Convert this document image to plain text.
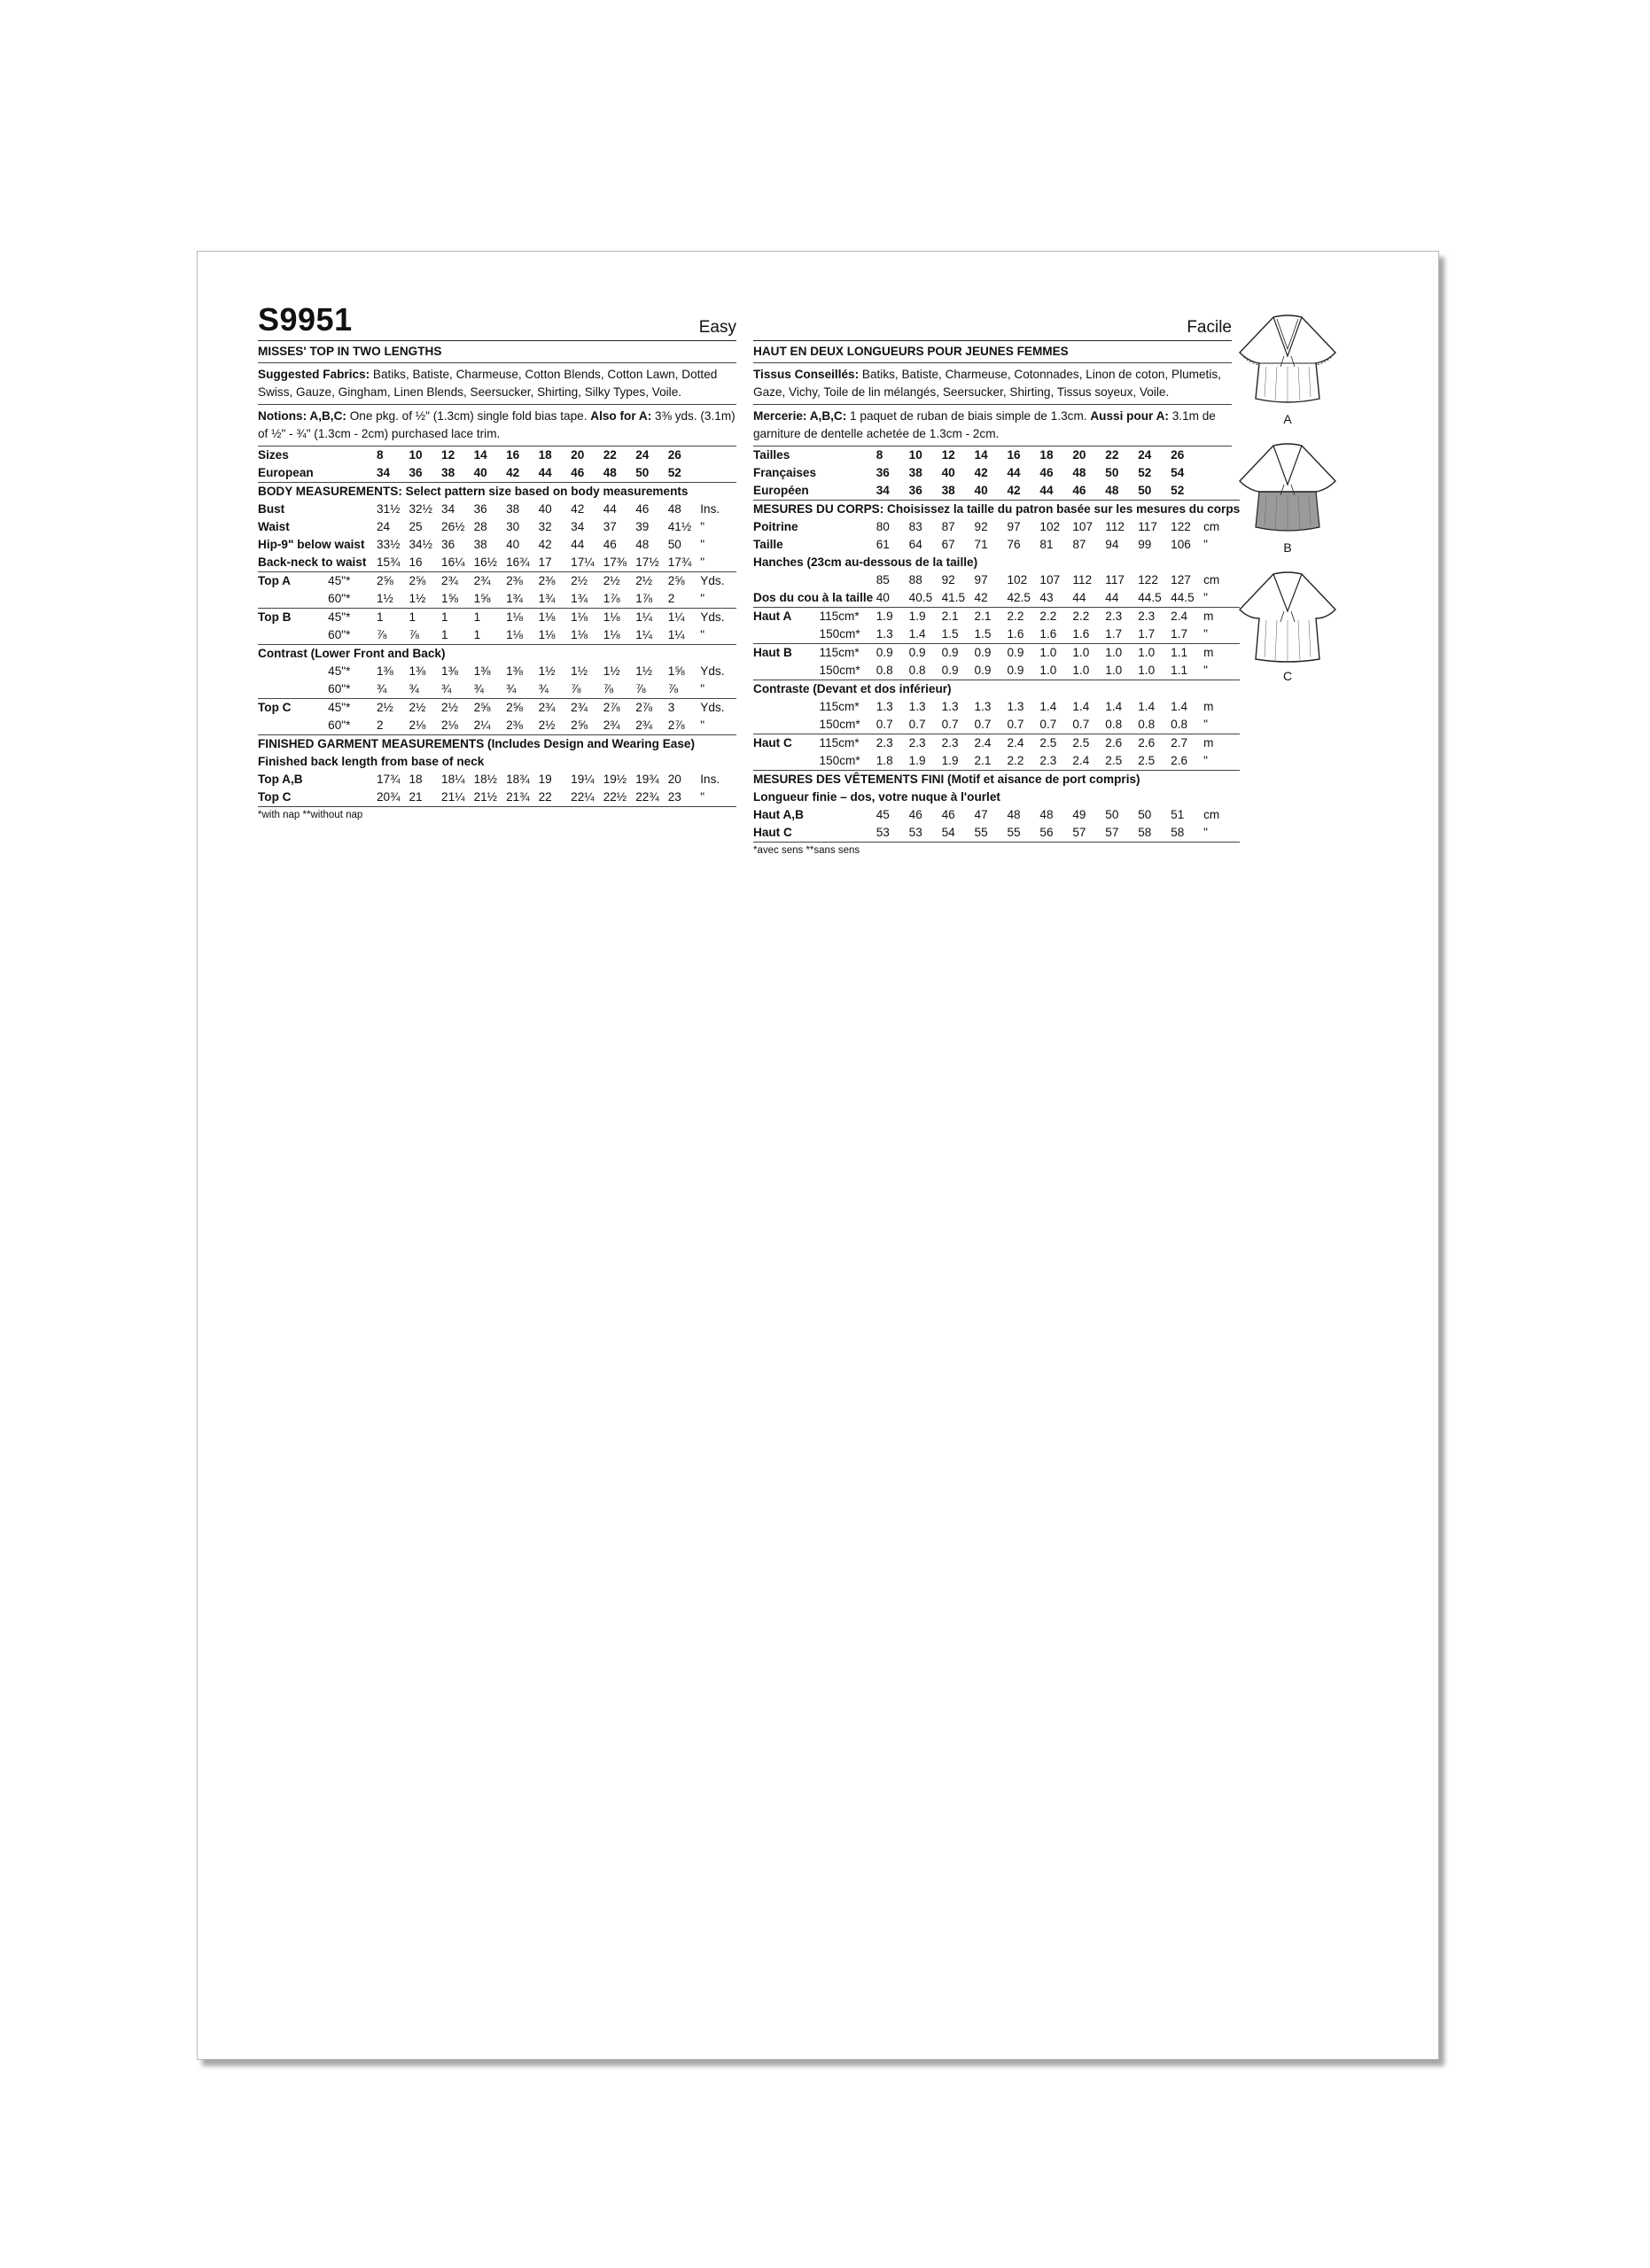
S9951	Easy
MISSES' TOP IN TWO LENGTHS
Suggested Fabrics: Batiks, Batiste, Charmeuse, Cotton Blends, Cotton Lawn, Dotted Swiss, Gauze, Gingham, Linen Blends, Seersucker, Shirting, Silky Types, Voile.
Notions: A,B,C: One pkg. of ½" (1.3cm) single fold bias tape. Also for A: 3⅜ yds. (3.1m) of ½" - ¾" (1.3cm - 2cm) purchased lace trim.
Sizes		8	10	12	14	16	18	20	22	24	26	
European		34	36	38	40	42	44	46	48	50	52	
BODY MEASUREMENTS: Select pattern size based on body measurements												
Bust		31½	32½	34	36	38	40	42	44	46	48	Ins.
Waist		24	25	26½	28	30	32	34	37	39	41½	"
Hip-9" below waist		33½	34½	36	38	40	42	44	46	48	50	"
Back-neck to waist		15¾	16	16¼	16½	16¾	17	17¼	17⅜	17½	17¾	"
Top A	45"*	2⅝	2⅝	2¾	2¾	2⅜	2⅜	2½	2½	2½	2⅝	Yds.
	60"*	1½	1½	1⅝	1⅝	1¾	1¾	1¾	1⅞	1⅞	2	"
Top B	45"*	1	1	1	1	1⅛	1⅛	1⅛	1⅛	1¼	1¼	Yds.
	60"*	⅞	⅞	1	1	1⅛	1⅛	1⅛	1⅛	1¼	1¼	"
Contrast (Lower Front and Back)												
	45"*	1⅜	1⅜	1⅜	1⅜	1⅜	1½	1½	1½	1½	1⅝	Yds.
	60"*	¾	¾	¾	¾	¾	¾	⅞	⅞	⅞	⅞	"
Top C	45"*	2½	2½	2½	2⅝	2⅝	2¾	2¾	2⅞	2⅞	3	Yds.
	60"*	2	2⅛	2⅛	2¼	2⅜	2½	2⅝	2¾	2¾	2⅞	"
FINISHED GARMENT MEASUREMENTS (Includes Design and Wearing Ease)												
Finished back length from base of neck												
Top A,B		17¾	18	18¼	18½	18¾	19	19¼	19½	19¾	20	Ins.
Top C		20¾	21	21¼	21½	21¾	22	22¼	22½	22¾	23	"
*with nap **without nap
Facile
HAUT EN DEUX LONGUEURS POUR JEUNES FEMMES
Tissus Conseillés: Batiks, Batiste, Charmeuse, Cotonnades, Linon de coton, Plumetis, Gaze, Vichy, Toile de lin mélangés, Seersucker, Shirting, Tissus soyeux, Voile.
Mercerie: A,B,C: 1 paquet de ruban de biais simple de 1.3cm. Aussi pour A: 3.1m de garniture de dentelle achetée de 1.3cm - 2cm.
Tailles		8	10	12	14	16	18	20	22	24	26	
Françaises		36	38	40	42	44	46	48	50	52	54	
Européen		34	36	38	40	42	44	46	48	50	52	
MESURES DU CORPS: Choisissez la taille du patron basée sur les mesures du corps												
Poitrine		80	83	87	92	97	102	107	112	117	122	cm
Taille		61	64	67	71	76	81	87	94	99	106	"
Hanches (23cm au-dessous de la taille)												
		85	88	92	97	102	107	112	117	122	127	cm
Dos du cou à la taille		40	40.5	41.5	42	42.5	43	44	44	44.5	44.5	"
Haut A	115cm*	1.9	1.9	2.1	2.1	2.2	2.2	2.2	2.3	2.3	2.4	m
	150cm*	1.3	1.4	1.5	1.5	1.6	1.6	1.6	1.7	1.7	1.7	"
Haut B	115cm*	0.9	0.9	0.9	0.9	0.9	1.0	1.0	1.0	1.0	1.1	m
	150cm*	0.8	0.8	0.9	0.9	0.9	1.0	1.0	1.0	1.0	1.1	"
Contraste (Devant et dos inférieur)												
	115cm*	1.3	1.3	1.3	1.3	1.3	1.4	1.4	1.4	1.4	1.4	m
	150cm*	0.7	0.7	0.7	0.7	0.7	0.7	0.7	0.8	0.8	0.8	"
Haut C	115cm*	2.3	2.3	2.3	2.4	2.4	2.5	2.5	2.6	2.6	2.7	m
	150cm*	1.8	1.9	1.9	2.1	2.2	2.3	2.4	2.5	2.5	2.6	"
MESURES DES VÊTEMENTS FINI (Motif et aisance de port compris)												
Longueur finie – dos, votre nuque à l'ourlet												
Haut A,B		45	46	46	47	48	48	49	50	50	51	cm
Haut C		53	53	54	55	55	56	57	57	58	58	"
*avec sens **sans sens
A
B
C
